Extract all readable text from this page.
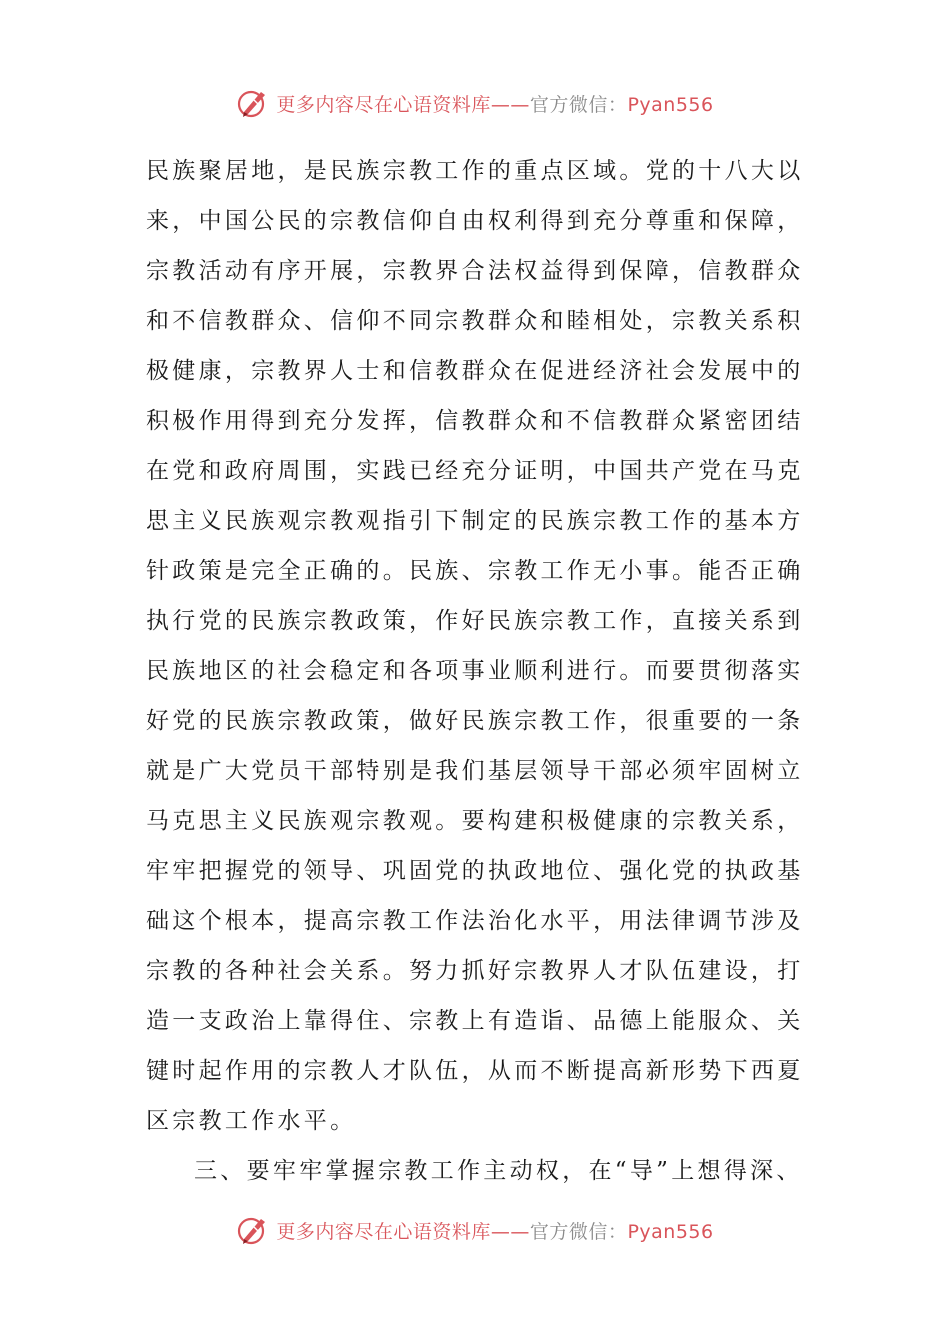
更多内容尽在心语资料库——官方微信：Pyan556
民族聚居地，是民族宗教工作的重点区域。党的十八大以
来，中国公民的宗教信仰自由权利得到充分尊重和保障，
宗教活动有序开展，宗教界合法权益得到保障，信教群众
和不信教群众、信仰不同宗教群众和睦相处，宗教关系积
极健康，宗教界人士和信教群众在促进经济社会发展中的
积极作用得到充分发挥，信教群众和不信教群众紧密团结
在党和政府周围，实践已经充分证明，中国共产党在马克
思主义民族观宗教观指引下制定的民族宗教工作的基本方
针政策是完全正确的。民族、宗教工作无小事。能否正确
执行党的民族宗教政策，作好民族宗教工作，直接关系到
民族地区的社会稳定和各项事业顺利进行。而要贯彻落实
好党的民族宗教政策，做好民族宗教工作，很重要的一条
就是广大党员干部特别是我们基层领导干部必须牢固树立
马克思主义民族观宗教观。要构建积极健康的宗教关系，
牢牢把握党的领导、巩固党的执政地位、强化党的执政基
础这个根本，提高宗教工作法治化水平，用法律调节涉及
宗教的各种社会关系。努力抓好宗教界人才队伍建设，打
造一支政治上靠得住、宗教上有造诣、品德上能服众、关
键时起作用的宗教人才队伍，从而不断提高新形势下西夏
区宗教工作水平。
三、要牢牢掌握宗教工作主动权，在“导”上想得深、
更多内容尽在心语资料库——官方微信：Pyan556
